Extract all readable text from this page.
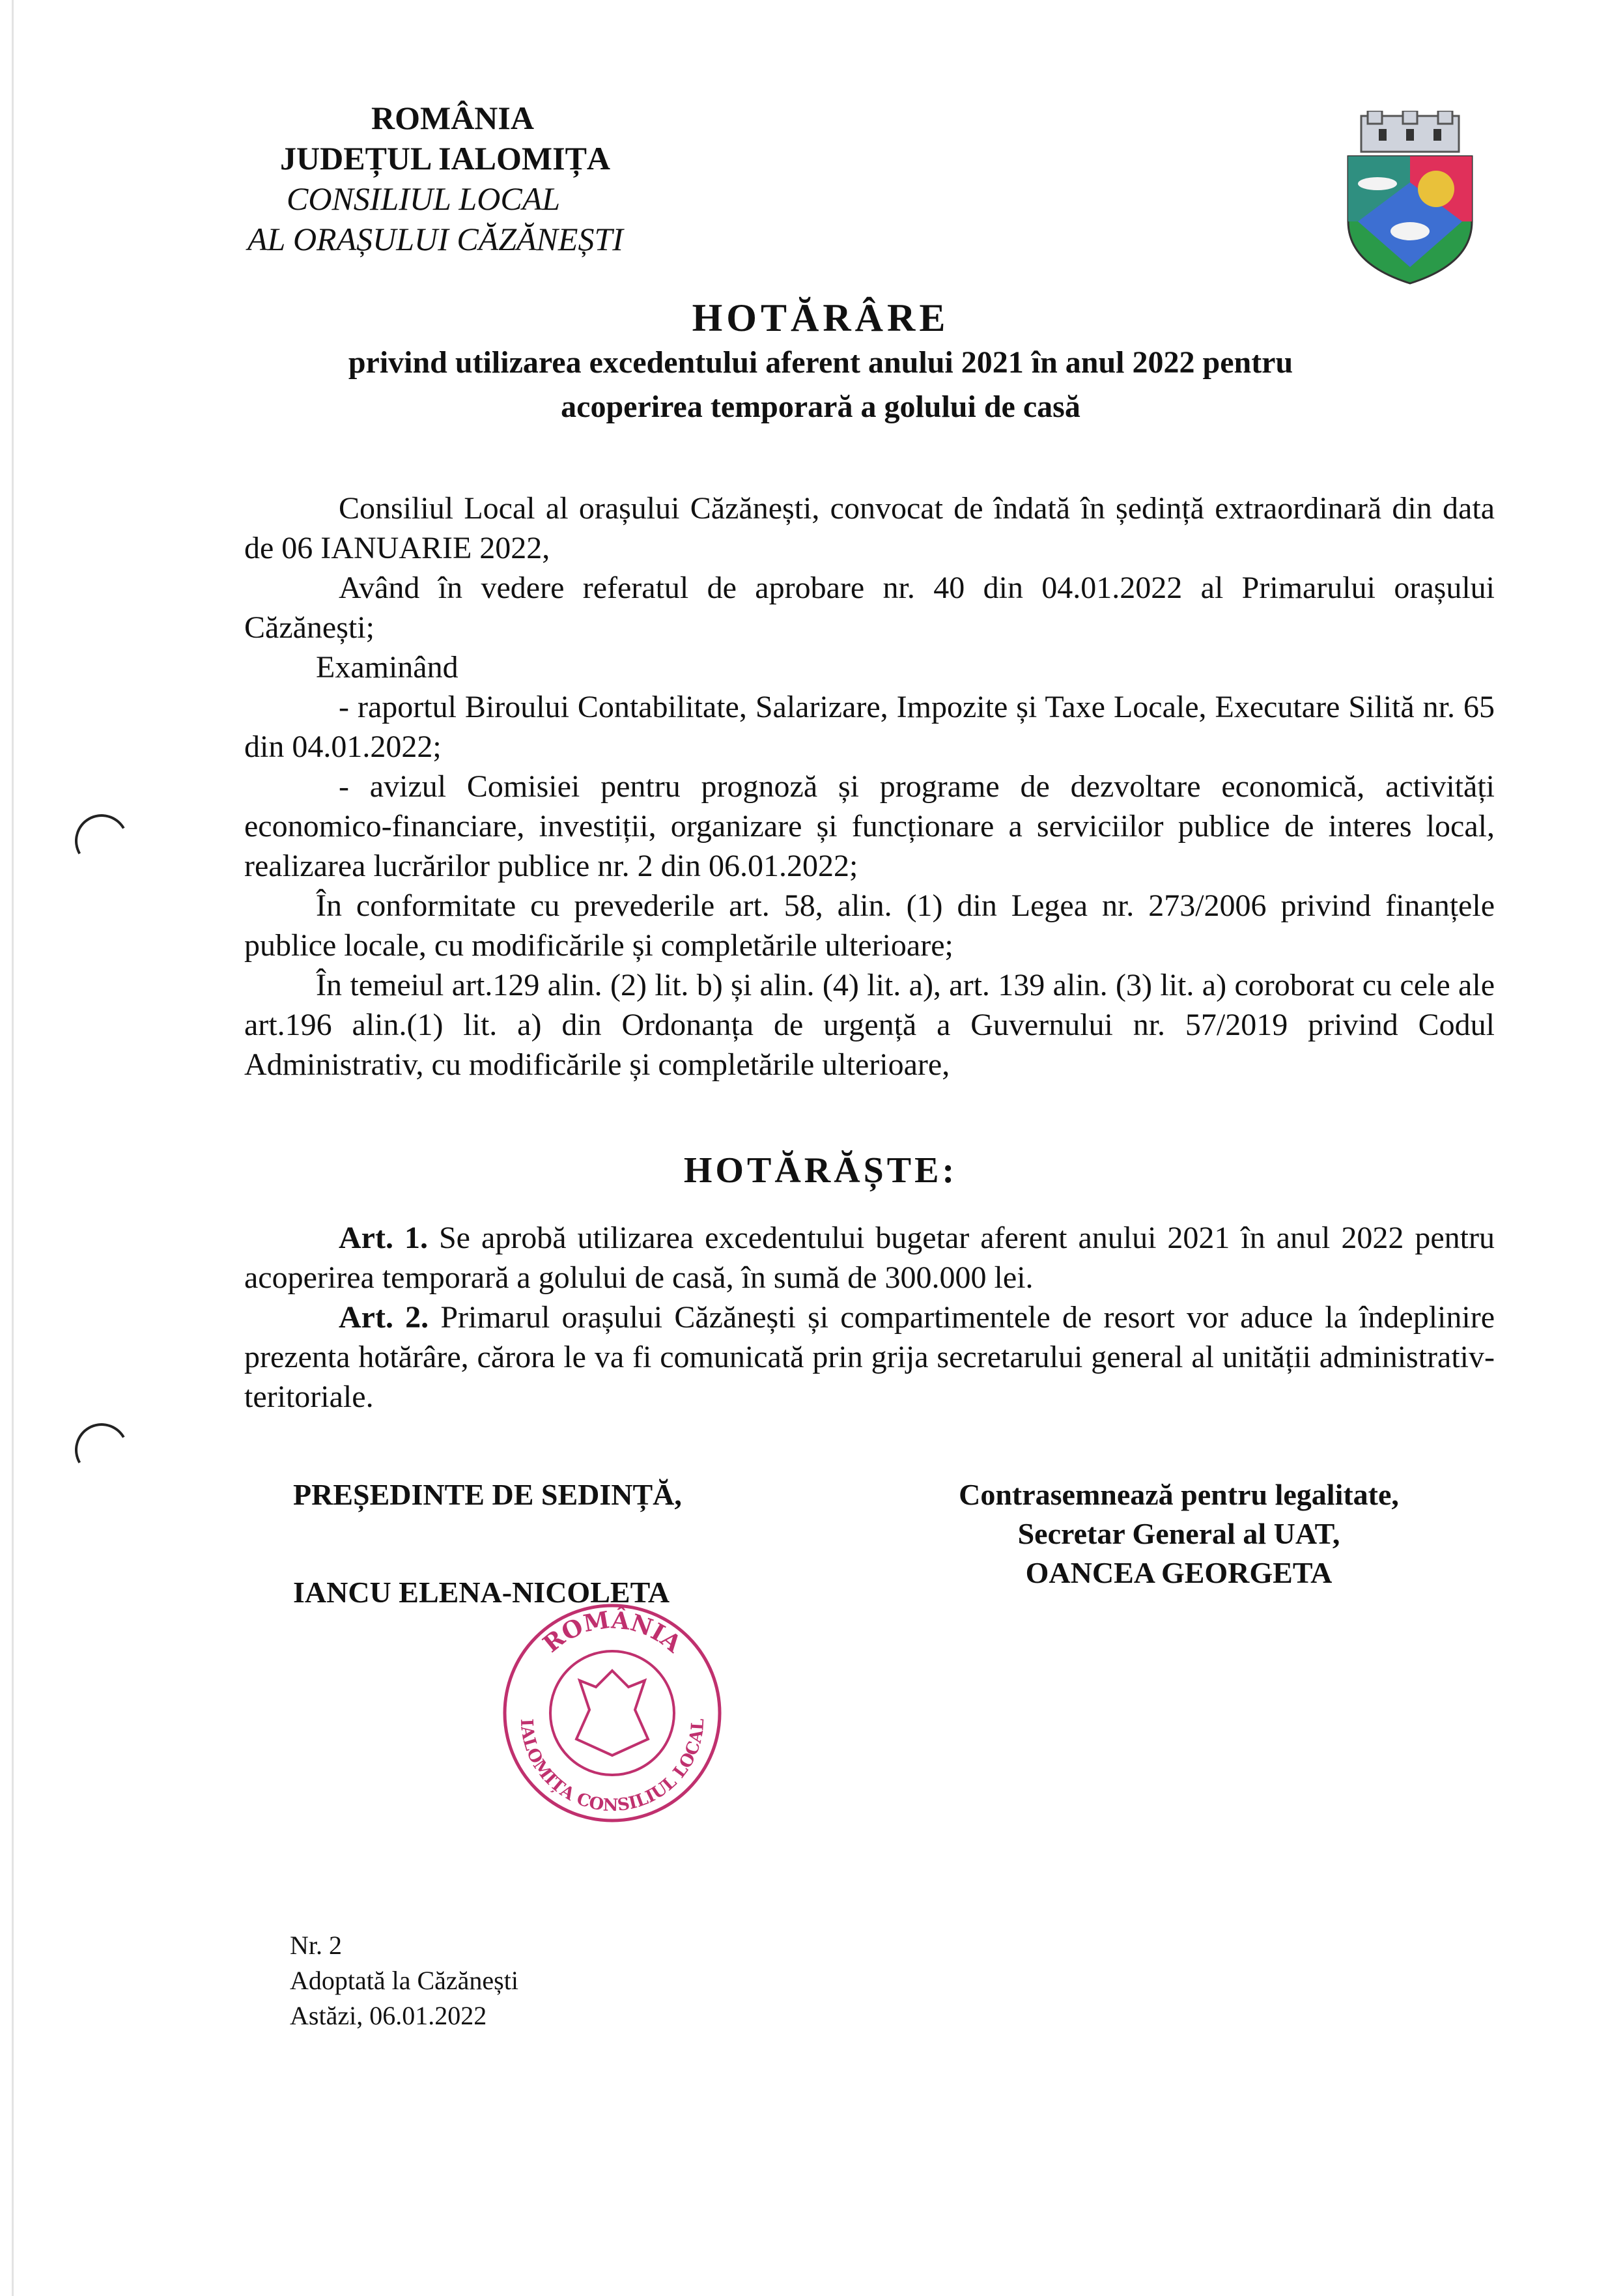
ROMÂNIA
JUDEȚUL IALOMIȚA
CONSILIUL LOCAL
AL ORAȘULUI CĂZĂNEȘTI
HOTĂRÂRE
privind utilizarea excedentului aferent anului 2021 în anul 2022 pentru
acoperirea temporară a golului de casă

Consiliul Local al orașului Căzănești, convocat de îndată în ședință extraordinară din data de 06 IANUARIE 2022,

Având în vedere referatul de aprobare nr. 40 din 04.01.2022 al Primarului orașului Căzănești;

Examinând

- raportul Biroului Contabilitate, Salarizare, Impozite și Taxe Locale, Executare Silită nr. 65 din 04.01.2022;

- avizul Comisiei pentru prognoză și programe de dezvoltare economică, activități economico-financiare, investiții, organizare și funcționare a serviciilor publice de interes local, realizarea lucrărilor publice nr. 2 din 06.01.2022;

În conformitate cu prevederile art. 58, alin. (1) din Legea nr. 273/2006 privind finanțele publice locale, cu modificările și completările ulterioare;

În temeiul art.129 alin. (2) lit. b) și alin. (4) lit. a), art. 139 alin. (3) lit. a) coroborat cu cele ale art.196 alin.(1) lit. a) din Ordonanța de urgență a Guvernului nr. 57/2019 privind Codul Administrativ, cu modificările și completările ulterioare,

HOTĂRĂȘTE:

Art. 1. Se aprobă utilizarea excedentului bugetar aferent anului 2021 în anul 2022 pentru acoperirea temporară a golului de casă, în sumă de 300.000 lei.

Art. 2. Primarul orașului Căzănești și compartimentele de resort vor aduce la îndeplinire prezenta hotărâre, cărora le va fi comunicată prin grija secretarului general al unității administrativ-teritoriale.

PREȘEDINTE DE SEDINȚĂ,
IANCU ELENA-NICOLETA
Contrasemnează pentru legalitate,
Secretar General al UAT,
OANCEA GEORGETA
ROMÂNIA
IALOMIȚA CONSILIUL LOCAL
Nr. 2
Adoptată la Căzănești
Astăzi, 06.01.2022
